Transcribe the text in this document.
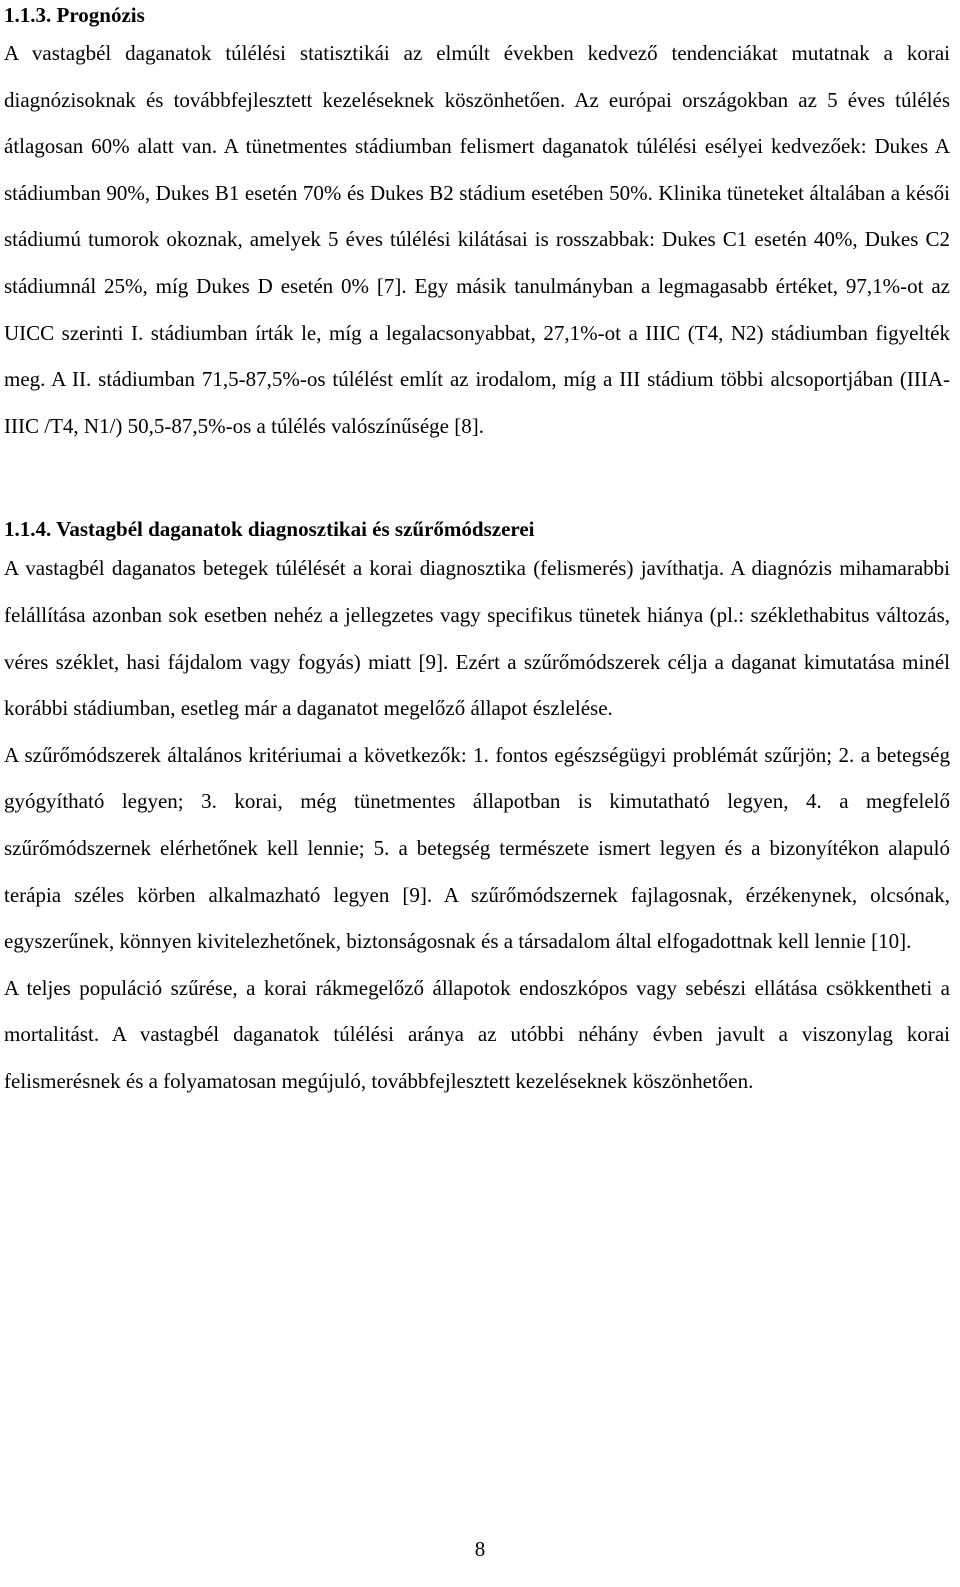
1.1.3. Prognózis

A vastagbél daganatok túlélési statisztikái az elmúlt években kedvező tendenciákat mutatnak a korai diagnózisoknak és továbbfejlesztett kezeléseknek köszönhetően. Az európai országokban az 5 éves túlélés átlagosan 60% alatt van. A tünetmentes stádiumban felismert daganatok túlélési esélyei kedvezőek: Dukes A stádiumban 90%, Dukes B1 esetén 70% és Dukes B2 stádium esetében 50%. Klinika tüneteket általában a késői stádiumú tumorok okoznak, amelyek 5 éves túlélési kilátásai is rosszabbak: Dukes C1 esetén 40%, Dukes C2 stádiumnál 25%, míg Dukes D esetén 0% [7]. Egy másik tanulmányban a legmagasabb értéket, 97,1%-ot az UICC szerinti I. stádiumban írták le, míg a legalacsonyabbat, 27,1%-ot a IIIC (T4, N2) stádiumban figyelték meg. A II. stádiumban 71,5-87,5%-os túlélést említ az irodalom, míg a III stádium többi alcsoportjában (IIIA-IIIC /T4, N1/) 50,5-87,5%-os a túlélés valószínűsége [8].

1.1.4. Vastagbél daganatok diagnosztikai és szűrőmódszerei

A vastagbél daganatos betegek túlélését a korai diagnosztika (felismerés) javíthatja. A diagnózis mihamarabbi felállítása azonban sok esetben nehéz a jellegzetes vagy specifikus tünetek hiánya (pl.: széklethabitus változás, véres széklet, hasi fájdalom vagy fogyás) miatt [9]. Ezért a szűrőmódszerek célja a daganat kimutatása minél korábbi stádiumban, esetleg már a daganatot megelőző állapot észlelése.

A szűrőmódszerek általános kritériumai a következők: 1. fontos egészségügyi problémát szűrjön; 2. a betegség gyógyítható legyen; 3. korai, még tünetmentes állapotban is kimutatható legyen, 4. a megfelelő szűrőmódszernek elérhetőnek kell lennie; 5. a betegség természete ismert legyen és a bizonyítékon alapuló terápia széles körben alkalmazható legyen [9]. A szűrőmódszernek fajlagosnak, érzékenynek, olcsónak, egyszerűnek, könnyen kivitelezhetőnek, biztonságosnak és a társadalom által elfogadottnak kell lennie [10].

A teljes populáció szűrése, a korai rákmegelőző állapotok endoszkópos vagy sebészi ellátása csökkentheti a mortalitást. A vastagbél daganatok túlélési aránya az utóbbi néhány évben javult a viszonylag korai felismerésnek és a folyamatosan megújuló, továbbfejlesztett kezeléseknek köszönhetően.

8
